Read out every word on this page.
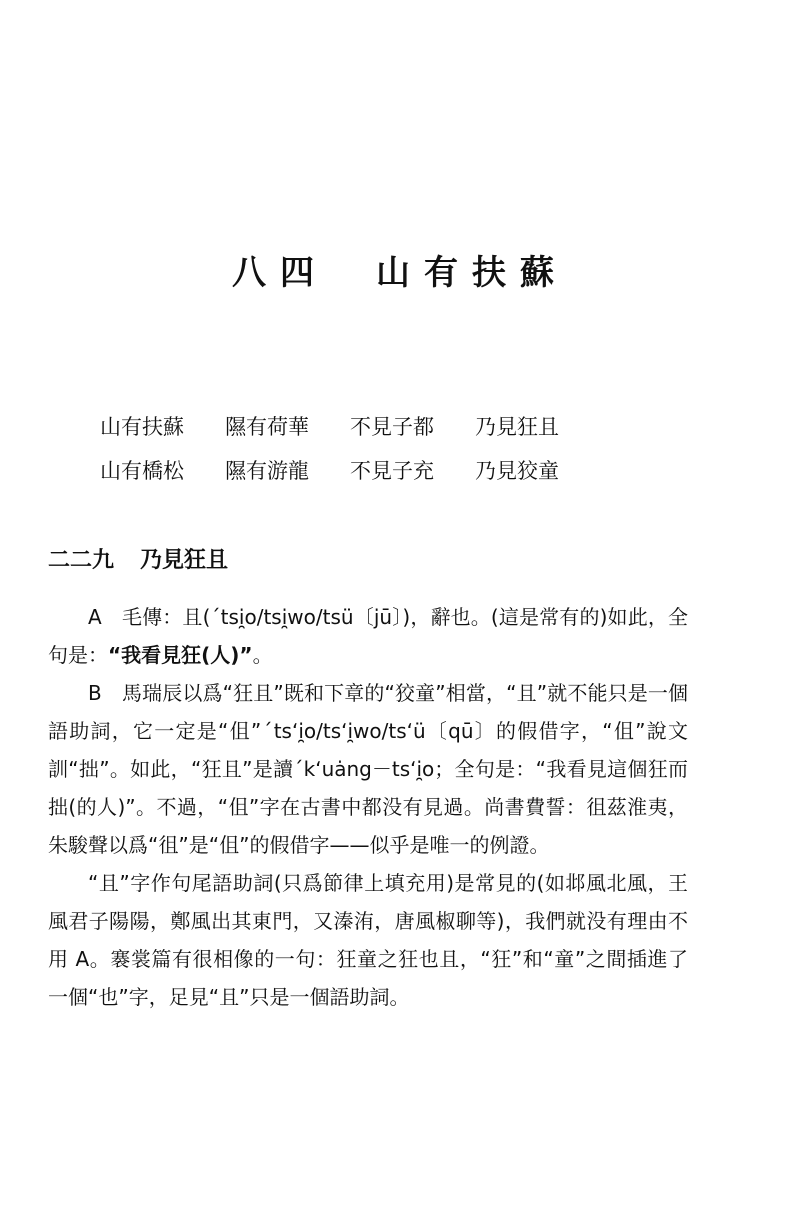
八四　山有扶蘇
山有扶蘇 隰有荷華 不見子都 乃見狂且
山有橋松 隰有游龍 不見子充 乃見狡童
二二九 乃見狂且

A　毛傳：且(ˊtsi̯o/tsi̯wo/tsü〔jū〕)，辭也。(這是常有的)如此，全句是：“我看見狂(人)”。

B　馬瑞辰以爲“狂且”既和下章的“狡童”相當，“且”就不能只是一個語助詞，它一定是“伹”ˊtsʻi̯o/tsʻi̯wo/tsʻü〔qū〕的假借字，“伹”說文訓“拙”。如此，“狂且”是讀ˊkʻuȧng－tsʻi̯o；全句是：“我看見這個狂而拙(的人)”。不過，“伹”字在古書中都没有見過。尚書費誓：徂茲淮夷，朱駿聲以爲“徂”是“伹”的假借字——似乎是唯一的例證。

“且”字作句尾語助詞(只爲節律上填充用)是常見的(如邶風北風，王風君子陽陽，鄭風出其東門，又溱洧，唐風椒聊等)，我們就没有理由不用 A。褰裳篇有很相像的一句：狂童之狂也且，“狂”和“童”之間插進了一個“也”字，足見“且”只是一個語助詞。
